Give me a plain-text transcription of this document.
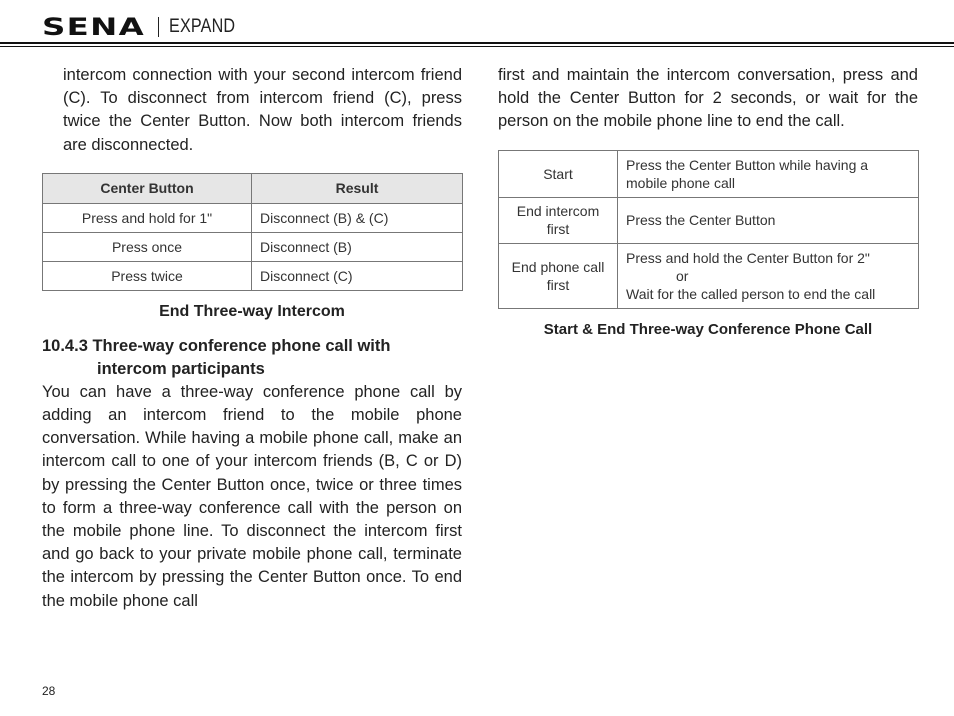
SENA EXPAND

intercom connection with your second intercom friend (C). To disconnect from intercom friend (C), press twice the Center Button. Now both intercom friends are disconnected.

Center Button	Result
Press and hold for 1"	Disconnect (B) & (C)
Press once	Disconnect (B)
Press twice	Disconnect (C)
End Three-way Intercom
10.4.3 Three-way conference phone call with
intercom participants

You can have a three-way conference phone call by adding an intercom friend to the mobile phone conversation. While having a mobile phone call, make an intercom call to one of your intercom friends (B, C or D) by pressing the Center Button once, twice or three times to form a three-way conference call with the person on the mobile phone line. To disconnect the intercom first and go back to your private mobile phone call, terminate the intercom by pressing the Center Button once. To end the mobile phone call

first and maintain the intercom conversation, press and hold the Center Button for 2 seconds, or wait for the person on the mobile phone line to end the call.

Start	Press the Center Button while having a mobile phone call
End intercom first	Press the Center Button
End phone call first	Press and hold the Center Button for 2"
or
Wait for the called person to end the call
Start & End Three-way Conference Phone Call
28
